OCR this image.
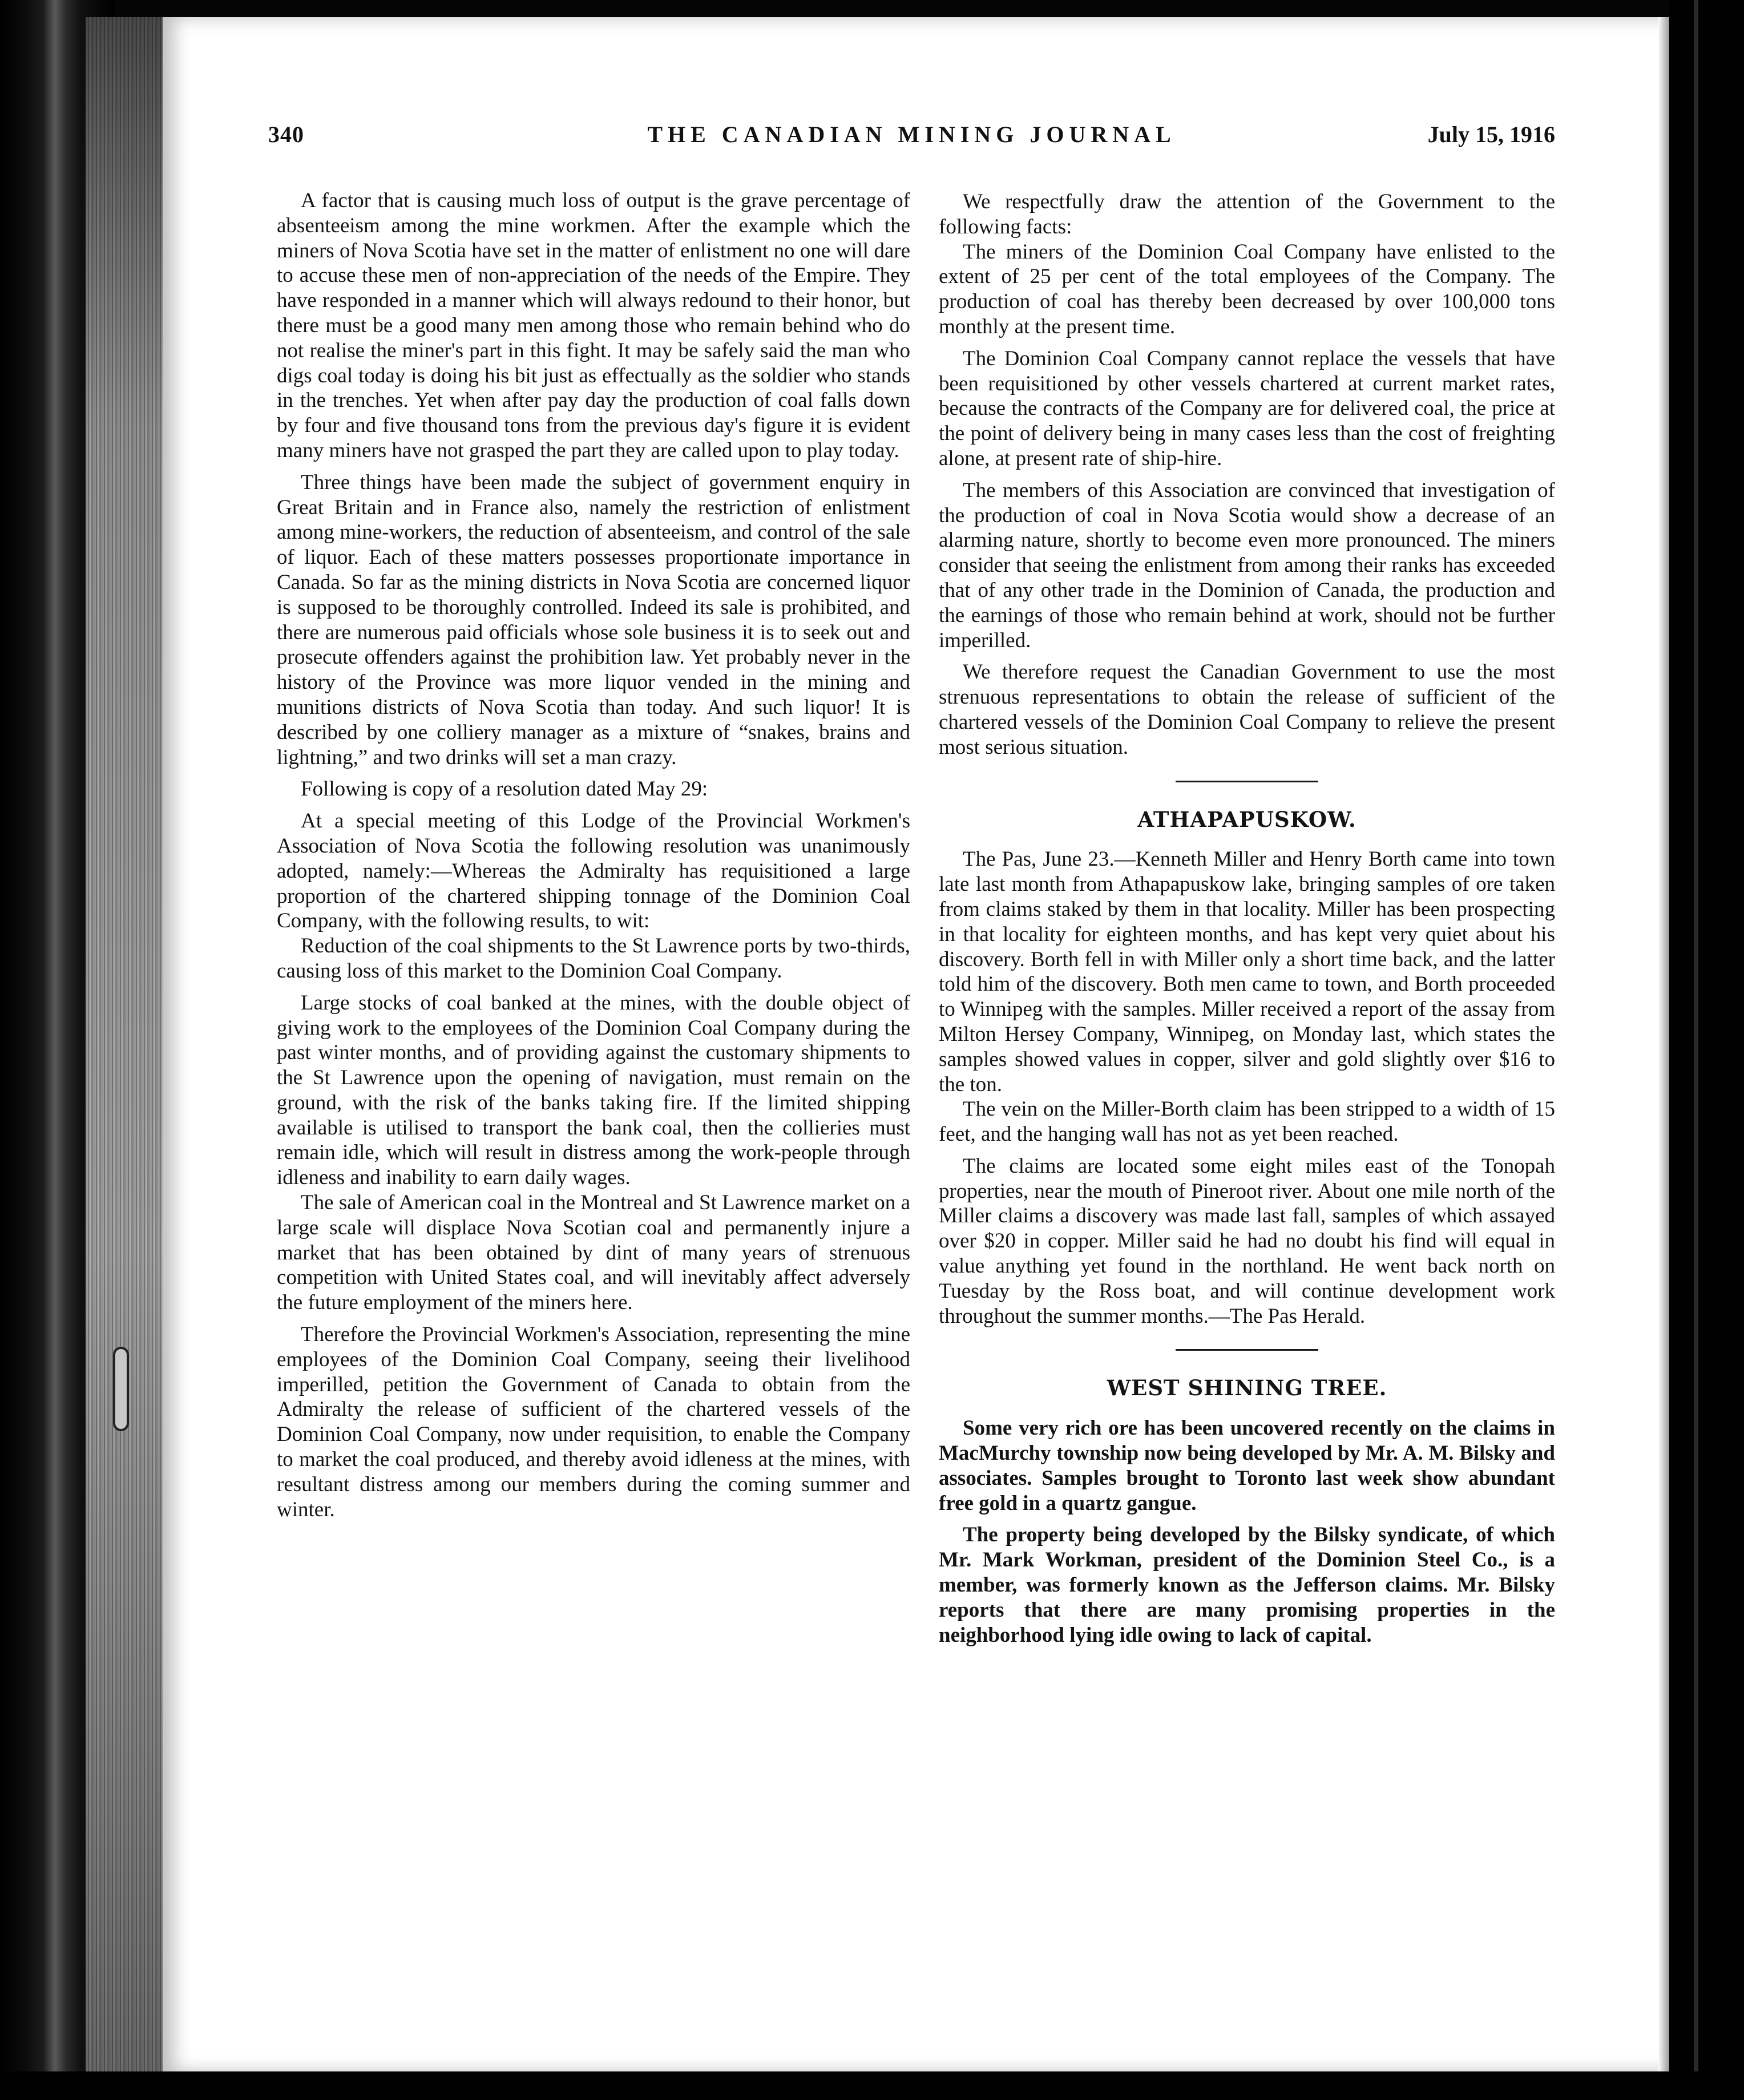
340	THE CANADIAN MINING JOURNAL	July 15, 1916

A factor that is causing much loss of output is the grave percentage of absenteeism among the mine workmen. After the example which the miners of Nova Scotia have set in the matter of enlistment no one will dare to accuse these men of non-appreciation of the needs of the Empire. They have responded in a manner which will always redound to their honor, but there must be a good many men among those who remain behind who do not realise the miner's part in this fight. It may be safely said the man who digs coal today is doing his bit just as effectually as the soldier who stands in the trenches. Yet when after pay day the production of coal falls down by four and five thousand tons from the previous day's figure it is evident many miners have not grasped the part they are called upon to play today.

Three things have been made the subject of government enquiry in Great Britain and in France also, namely the restriction of enlistment among mine-workers, the reduction of absenteeism, and control of the sale of liquor. Each of these matters possesses proportionate importance in Canada. So far as the mining districts in Nova Scotia are concerned liquor is supposed to be thoroughly controlled. Indeed its sale is prohibited, and there are numerous paid officials whose sole business it is to seek out and prosecute offenders against the prohibition law. Yet probably never in the history of the Province was more liquor vended in the mining and munitions districts of Nova Scotia than today. And such liquor! It is described by one colliery manager as a mixture of “snakes, brains and lightning,” and two drinks will set a man crazy.

Following is copy of a resolution dated May 29:

At a special meeting of this Lodge of the Provincial Workmen's Association of Nova Scotia the following resolution was unanimously adopted, namely:—Whereas the Admiralty has requisitioned a large proportion of the chartered shipping tonnage of the Dominion Coal Company, with the following results, to wit:

Reduction of the coal shipments to the St Lawrence ports by two-thirds, causing loss of this market to the Dominion Coal Company.

Large stocks of coal banked at the mines, with the double object of giving work to the employees of the Dominion Coal Company during the past winter months, and of providing against the customary shipments to the St Lawrence upon the opening of navigation, must remain on the ground, with the risk of the banks taking fire. If the limited shipping available is utilised to transport the bank coal, then the collieries must remain idle, which will result in distress among the work-people through idleness and inability to earn daily wages.

The sale of American coal in the Montreal and St Lawrence market on a large scale will displace Nova Scotian coal and permanently injure a market that has been obtained by dint of many years of strenuous competition with United States coal, and will inevitably affect adversely the future employment of the miners here.

Therefore the Provincial Workmen's Association, representing the mine employees of the Dominion Coal Company, seeing their livelihood imperilled, petition the Government of Canada to obtain from the Admiralty the release of sufficient of the chartered vessels of the Dominion Coal Company, now under requisition, to enable the Company to market the coal produced, and thereby avoid idleness at the mines, with resultant distress among our members during the coming summer and winter.

We respectfully draw the attention of the Government to the following facts:

The miners of the Dominion Coal Company have enlisted to the extent of 25 per cent of the total employees of the Company. The production of coal has thereby been decreased by over 100,000 tons monthly at the present time.

The Dominion Coal Company cannot replace the vessels that have been requisitioned by other vessels chartered at current market rates, because the contracts of the Company are for delivered coal, the price at the point of delivery being in many cases less than the cost of freighting alone, at present rate of ship-hire.

The members of this Association are convinced that investigation of the production of coal in Nova Scotia would show a decrease of an alarming nature, shortly to become even more pronounced. The miners consider that seeing the enlistment from among their ranks has exceeded that of any other trade in the Dominion of Canada, the production and the earnings of those who remain behind at work, should not be further imperilled.

We therefore request the Canadian Government to use the most strenuous representations to obtain the release of sufficient of the chartered vessels of the Dominion Coal Company to relieve the present most serious situation.

ATHAPAPUSKOW.

The Pas, June 23.—Kenneth Miller and Henry Borth came into town late last month from Athapapuskow lake, bringing samples of ore taken from claims staked by them in that locality. Miller has been prospecting in that locality for eighteen months, and has kept very quiet about his discovery. Borth fell in with Miller only a short time back, and the latter told him of the discovery. Both men came to town, and Borth proceeded to Winnipeg with the samples. Miller received a report of the assay from Milton Hersey Company, Winnipeg, on Monday last, which states the samples showed values in copper, silver and gold slightly over $16 to the ton.

The vein on the Miller-Borth claim has been stripped to a width of 15 feet, and the hanging wall has not as yet been reached.

The claims are located some eight miles east of the Tonopah properties, near the mouth of Pineroot river. About one mile north of the Miller claims a discovery was made last fall, samples of which assayed over $20 in copper. Miller said he had no doubt his find will equal in value anything yet found in the northland. He went back north on Tuesday by the Ross boat, and will continue development work throughout the summer months.—The Pas Herald.

WEST SHINING TREE.

Some very rich ore has been uncovered recently on the claims in MacMurchy township now being developed by Mr. A. M. Bilsky and associates. Samples brought to Toronto last week show abundant free gold in a quartz gangue.

The property being developed by the Bilsky syndicate, of which Mr. Mark Workman, president of the Dominion Steel Co., is a member, was formerly known as the Jefferson claims. Mr. Bilsky reports that there are many promising properties in the neighborhood lying idle owing to lack of capital.
